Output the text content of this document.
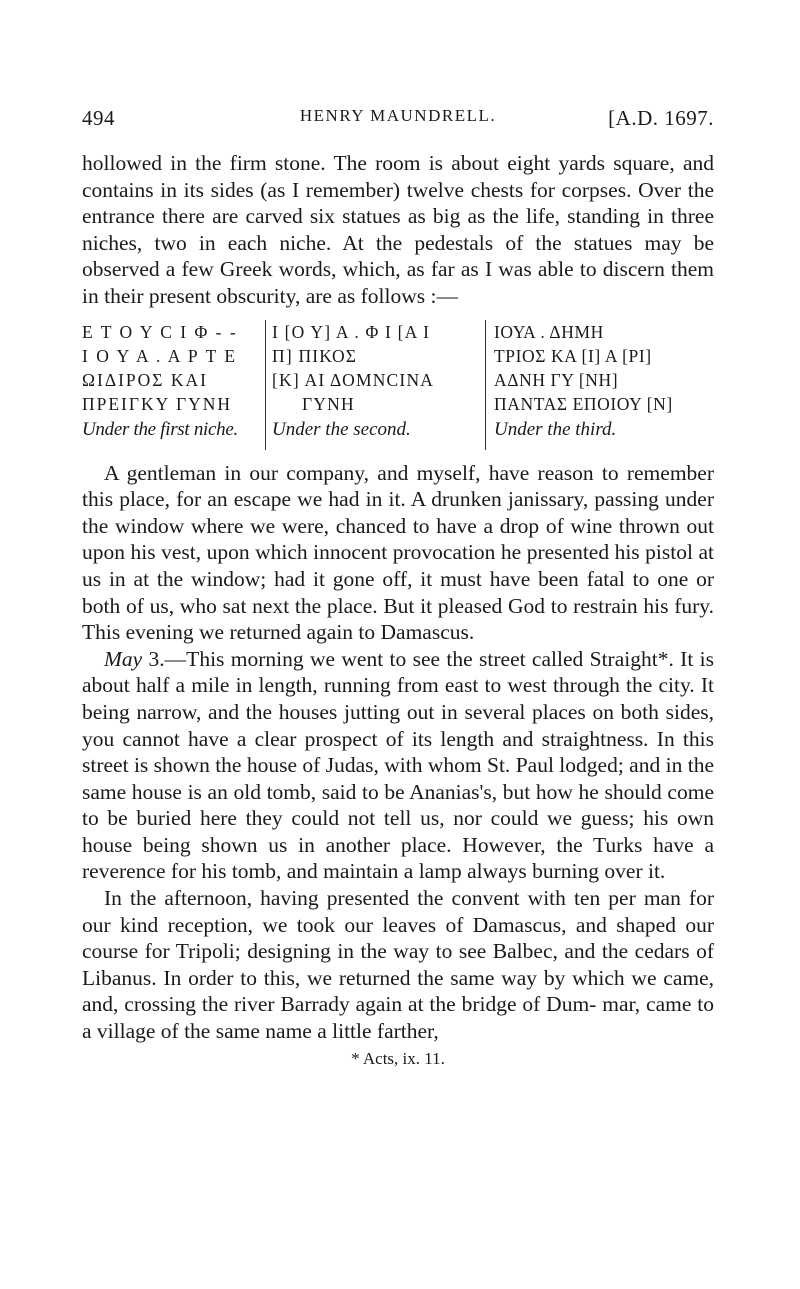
494	HENRY MAUNDRELL.	[A.D. 1697.

hollowed in the firm stone. The room is about eight yards square, and contains in its sides (as I remember) twelve chests for corpses. Over the entrance there are carved six statues as big as the life, standing in three niches, two in each niche. At the pedestals of the statues may be observed a few Greek words, which, as far as I was able to discern them in their present obscurity, are as follows :—

Ε Τ Ο Υ C Ι Φ - -
Ι Ο Υ Α . Α Ρ Τ Ε
ΩΙΔΙΡΟΣ ΚΑΙ
ΠΡΕΙΓΚΥ ΓΥΝΗ
Under the first niche.
Ι [Ο Υ] Α . Φ Ι [Α Ι
Π] ΠΙΚΟΣ
[Κ] ΑΙ ΔΟΜΝCΙΝΑ
ΓΥΝΗ
Under the second.
ΙΟΥΑ . ΔΗΜΗ
ΤΡΙΟΣ ΚΑ [Ι] Α [ΡΙ]
ΑΔΝΗ ΓΥ [ΝΗ]
ΠΑΝΤΑΣ ΕΠΟΙΟΥ [Ν]
Under the third.

A gentleman in our company, and myself, have reason to remember this place, for an escape we had in it. A drunken janissary, passing under the window where we were, chanced to have a drop of wine thrown out upon his vest, upon which innocent provocation he presented his pistol at us in at the window; had it gone off, it must have been fatal to one or both of us, who sat next the place. But it pleased God to restrain his fury. This evening we returned again to Damascus.

May 3.—This morning we went to see the street called Straight*. It is about half a mile in length, running from east to west through the city. It being narrow, and the houses jutting out in several places on both sides, you cannot have a clear prospect of its length and straightness. In this street is shown the house of Judas, with whom St. Paul lodged; and in the same house is an old tomb, said to be Ananias's, but how he should come to be buried here they could not tell us, nor could we guess; his own house being shown us in another place. However, the Turks have a reverence for his tomb, and maintain a lamp always burning over it.

In the afternoon, having presented the convent with ten per man for our kind reception, we took our leaves of Damascus, and shaped our course for Tripoli; designing in the way to see Balbec, and the cedars of Libanus. In order to this, we returned the same way by which we came, and, crossing the river Barrady again at the bridge of Dum- mar, came to a village of the same name a little farther,

* Acts, ix. 11.
